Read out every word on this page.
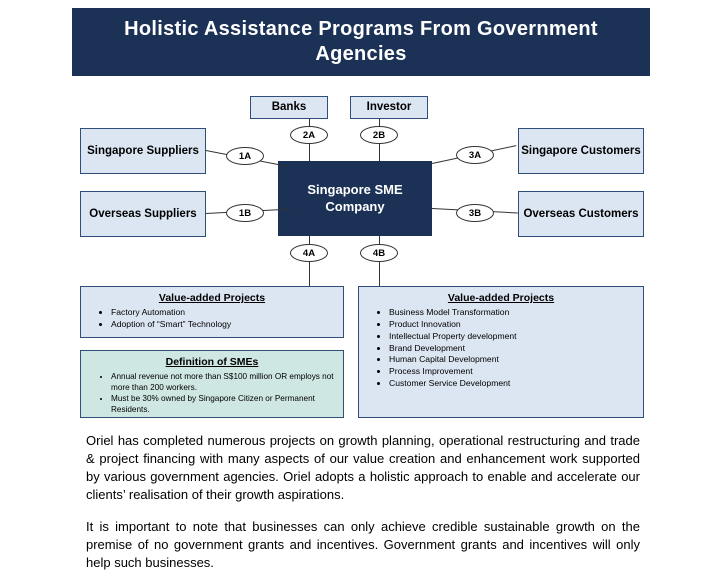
Holistic Assistance Programs From Government Agencies
Banks	Investor
Singapore Suppliers
Overseas Suppliers
Singapore Customers
Overseas Customers
Singapore SME Company
2A	2B
1A
1B
3A
3B
4A	4B
Value-added Projects
• Factory Automation
• Adoption of “Smart” Technology
Definition of SMEs
• Annual revenue not more than S$100 million OR employs not more than 200 workers.
• Must be 30% owned by Singapore Citizen or Permanent Residents.
Value-added Projects
• Business Model Transformation
• Product Innovation
• Intellectual Property development
• Brand Development
• Human Capital Development
• Process Improvement
• Customer Service Development

Oriel has completed numerous projects on growth planning, operational restructuring and trade & project financing with many aspects of our value creation and enhancement work supported by various government agencies. Oriel adopts a holistic approach to enable and accelerate our clients’ realisation of their growth aspirations.

It is important to note that businesses can only achieve credible sustainable growth on the premise of no government grants and incentives. Government grants and incentives will only help such businesses.
